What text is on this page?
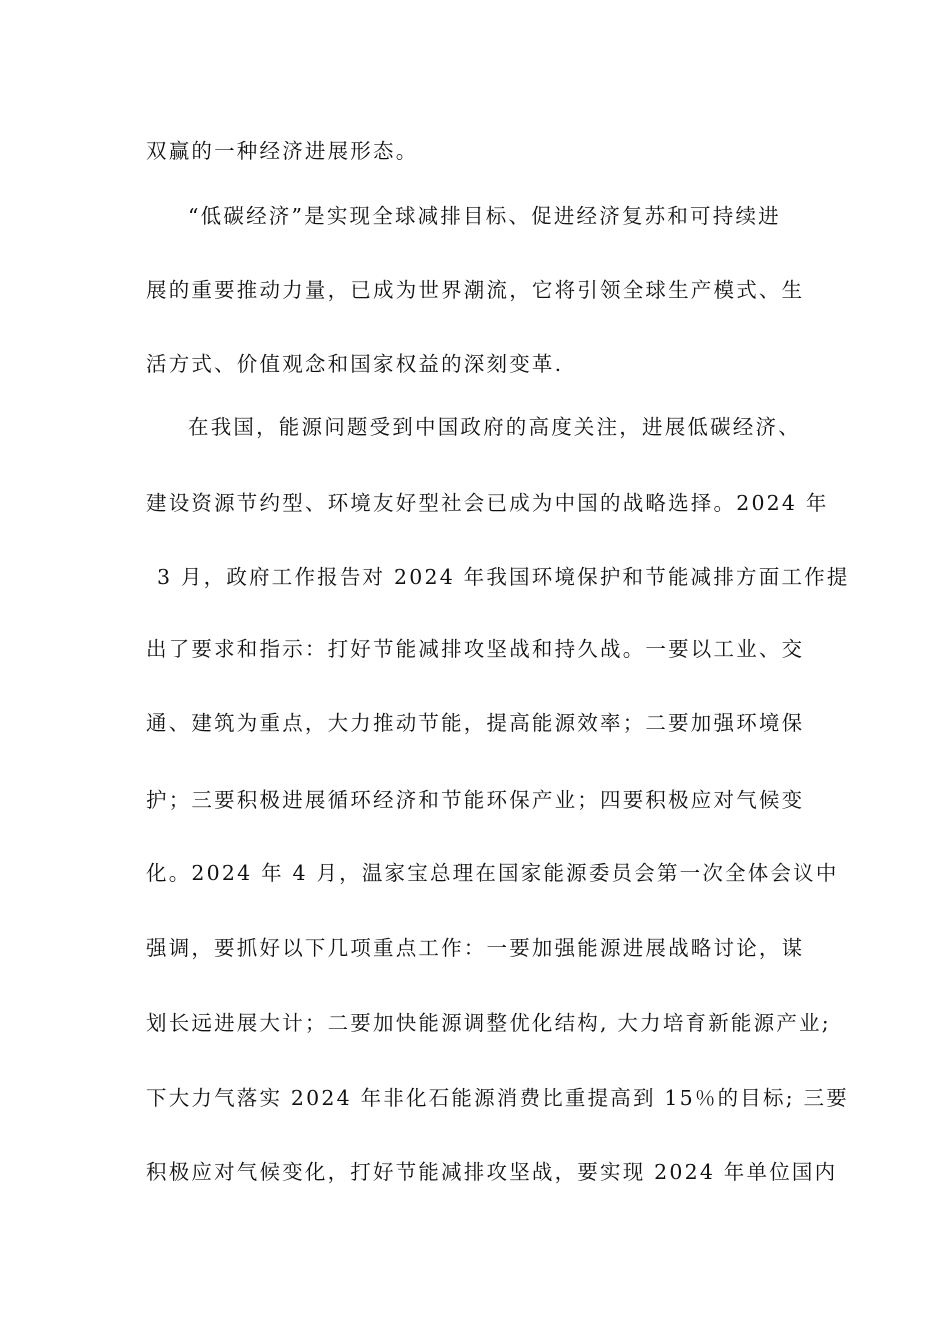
双赢的一种经济进展形态。
“低碳经济”是实现全球减排目标、促进经济复苏和可持续进
展的重要推动力量，已成为世界潮流，它将引领全球生产模式、生
活方式、价值观念和国家权益的深刻变革.
在我国，能源问题受到中国政府的高度关注，进展低碳经济、
建设资源节约型、环境友好型社会已成为中国的战略选择。2024 年
3 月，政府工作报告对 2024 年我国环境保护和节能减排方面工作提
出了要求和指示：打好节能减排攻坚战和持久战。一要以工业、交
通、建筑为重点，大力推动节能，提高能源效率；二要加强环境保
护；三要积极进展循环经济和节能环保产业；四要积极应对气候变
化。2024 年 4 月，温家宝总理在国家能源委员会第一次全体会议中
强调，要抓好以下几项重点工作：一要加强能源进展战略讨论，谋
划长远进展大计；二要加快能源调整优化结构, 大力培育新能源产业;
下大力气落实 2024 年非化石能源消费比重提高到 15％的目标; 三要
积极应对气候变化，打好节能减排攻坚战，要实现 2024 年单位国内
